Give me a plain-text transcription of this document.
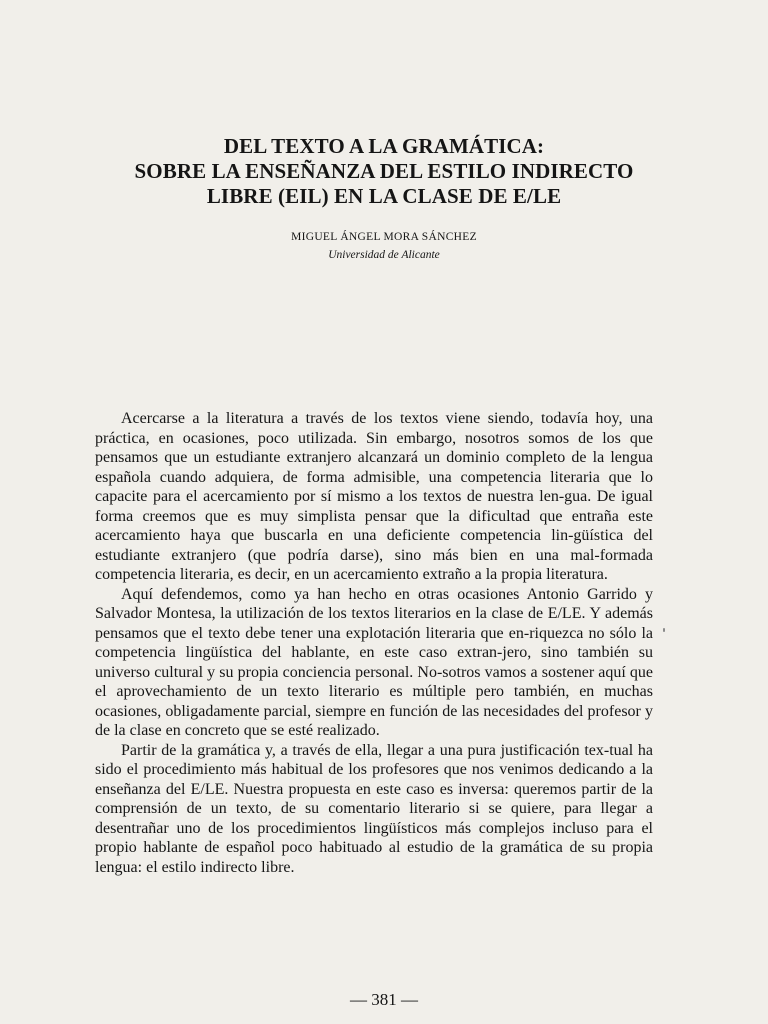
DEL TEXTO A LA GRAMÁTICA:
SOBRE LA ENSEÑANZA DEL ESTILO INDIRECTO
LIBRE (EIL) EN LA CLASE DE E/LE
MIGUEL ÁNGEL MORA SÁNCHEZ
Universidad de Alicante

Acercarse a la literatura a través de los textos viene siendo, todavía hoy, una práctica, en ocasiones, poco utilizada. Sin embargo, nosotros somos de los que pensamos que un estudiante extranjero alcanzará un dominio completo de la lengua española cuando adquiera, de forma admisible, una competencia literaria que lo capacite para el acercamiento por sí mismo a los textos de nuestra len-gua. De igual forma creemos que es muy simplista pensar que la dificultad que entraña este acercamiento haya que buscarla en una deficiente competencia lin-güística del estudiante extranjero (que podría darse), sino más bien en una mal-formada competencia literaria, es decir, en un acercamiento extraño a la propia literatura.

Aquí defendemos, como ya han hecho en otras ocasiones Antonio Garrido y Salvador Montesa, la utilización de los textos literarios en la clase de E/LE. Y además pensamos que el texto debe tener una explotación literaria que en-riquezca no sólo la competencia lingüística del hablante, en este caso extran-jero, sino también su universo cultural y su propia conciencia personal. No-sotros vamos a sostener aquí que el aprovechamiento de un texto literario es múltiple pero también, en muchas ocasiones, obligadamente parcial, siempre en función de las necesidades del profesor y de la clase en concreto que se esté realizado.

Partir de la gramática y, a través de ella, llegar a una pura justificación tex-tual ha sido el procedimiento más habitual de los profesores que nos venimos dedicando a la enseñanza del E/LE. Nuestra propuesta en este caso es inversa: queremos partir de la comprensión de un texto, de su comentario literario si se quiere, para llegar a desentrañar uno de los procedimientos lingüísticos más complejos incluso para el propio hablante de español poco habituado al estudio de la gramática de su propia lengua: el estilo indirecto libre.

— 381 —
